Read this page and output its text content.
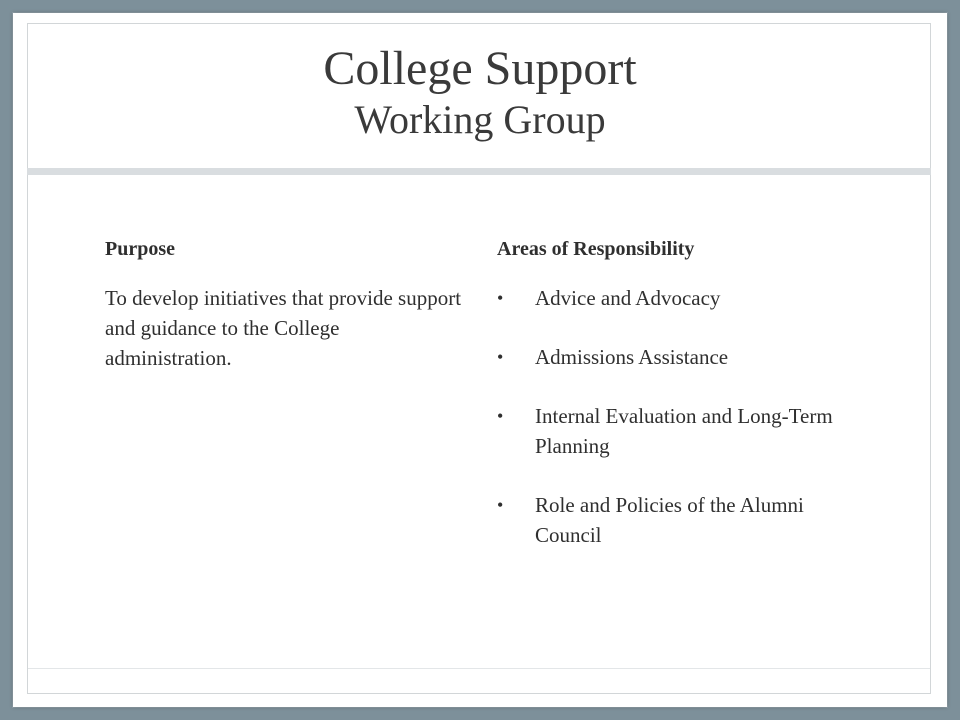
College Support
Working Group

Purpose

To develop initiatives that provide support and guidance to the College administration.

Areas of Responsibility

• Advice and Advocacy
• Admissions Assistance
• Internal Evaluation and Long-Term Planning
• Role and Policies of the Alumni Council
